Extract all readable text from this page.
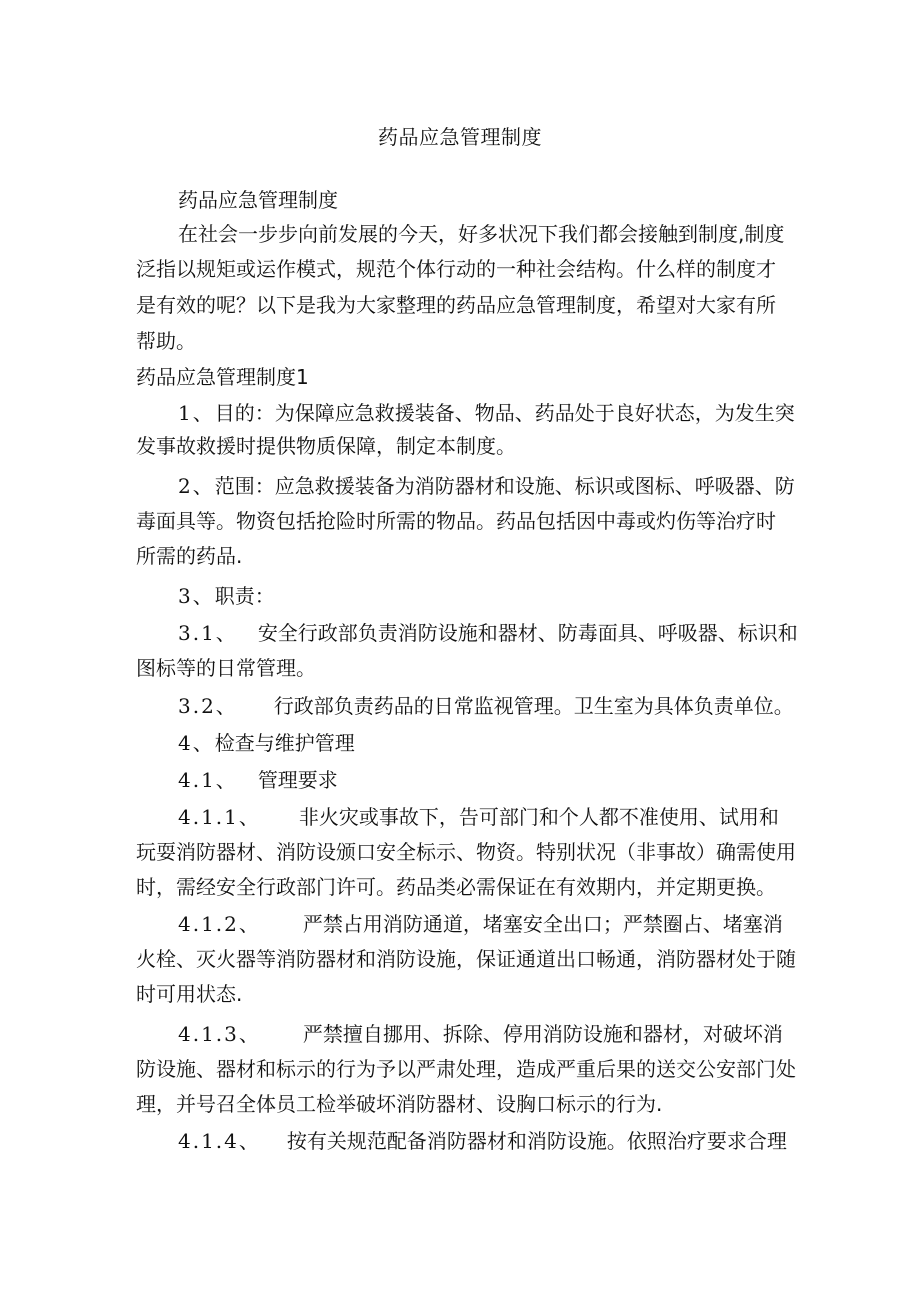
药品应急管理制度
药品应急管理制度
在社会一步步向前发展的今天，好多状况下我们都会接触到制度,制度
泛指以规矩或运作模式，规范个体行动的一种社会结构。什么样的制度才
是有效的呢？以下是我为大家整理的药品应急管理制度，希望对大家有所
帮助。
药品应急管理制度1
1、目的：为保障应急救援装备、物品、药品处于良好状态，为发生突
发事故救援时提供物质保障，制定本制度。
2、范围：应急救援装备为消防器材和设施、标识或图标、呼吸器、防
毒面具等。物资包括抢险时所需的物品。药品包括因中毒或灼伤等治疗时
所需的药品.
3、职责：
3.1、 安全行政部负责消防设施和器材、防毒面具、呼吸器、标识和
图标等的日常管理。
3.2、 行政部负责药品的日常监视管理。卫生室为具体负责单位。
4、检查与维护管理
4.1、 管理要求
4.1.1、 非火灾或事故下，告可部门和个人都不准使用、试用和
玩耍消防器材、消防设颁口安全标示、物资。特别状况（非事故）确需使用
时，需经安全行政部门许可。药品类必需保证在有效期内，并定期更换。
4.1.2、 严禁占用消防通道，堵塞安全出口；严禁圈占、堵塞消
火栓、灭火器等消防器材和消防设施，保证通道出口畅通，消防器材处于随
时可用状态.
4.1.3、 严禁擅自挪用、拆除、停用消防设施和器材，对破坏消
防设施、器材和标示的行为予以严肃处理，造成严重后果的送交公安部门处
理，并号召全体员工检举破坏消防器材、设胸口标示的行为.
4.1.4、 按有关规范配备消防器材和消防设施。依照治疗要求合理
